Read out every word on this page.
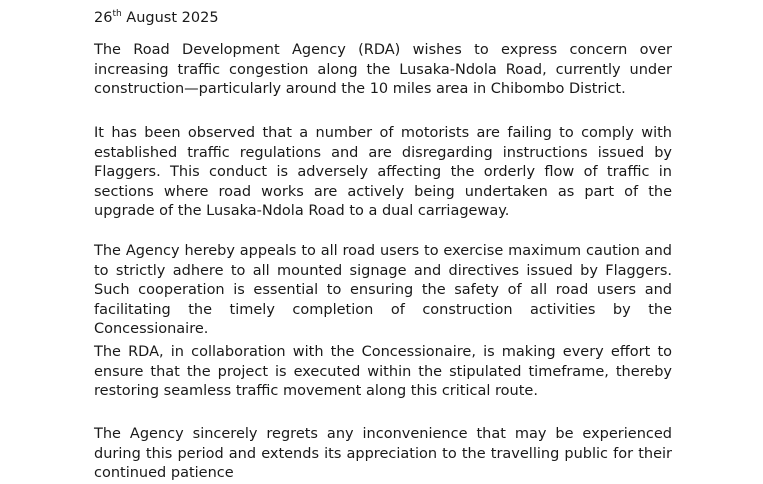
26th August 2025

The Road Development Agency (RDA) wishes to express concern over increasing traffic congestion along the Lusaka-Ndola Road, currently under construction—particularly around the 10 miles area in Chibombo District.

It has been observed that a number of motorists are failing to comply with established traffic regulations and are disregarding instructions issued by Flaggers. This conduct is adversely affecting the orderly flow of traffic in sections where road works are actively being undertaken as part of the upgrade of the Lusaka-Ndola Road to a dual carriageway.

The Agency hereby appeals to all road users to exercise maximum caution and to strictly adhere to all mounted signage and directives issued by Flaggers. Such cooperation is essential to ensuring the safety of all road users and facilitating the timely completion of construction activities by the Concessionaire.

The RDA, in collaboration with the Concessionaire, is making every effort to ensure that the project is executed within the stipulated timeframe, thereby restoring seamless traffic movement along this critical route.

The Agency sincerely regrets any inconvenience that may be experienced during this period and extends its appreciation to the travelling public for their continued patience
